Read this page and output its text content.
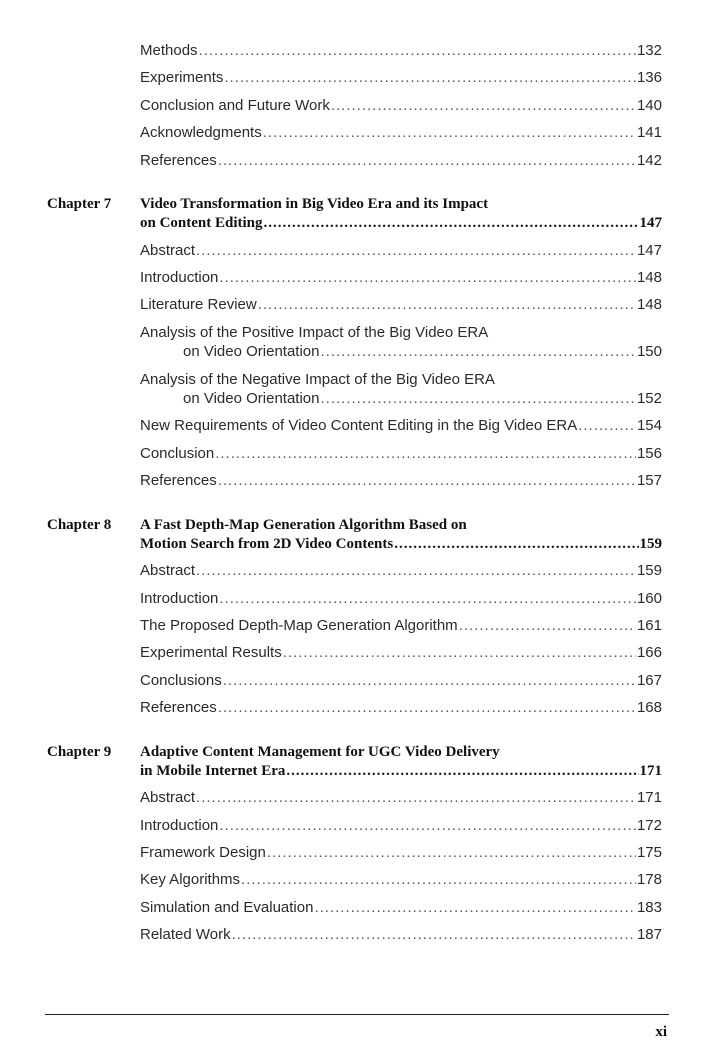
Methods .....	132
Experiments .....	136
Conclusion and Future Work .....	140
Acknowledgments .....	141
References .....	142
Chapter 7 Video Transformation in Big Video Era and its Impact
on Content Editing .....	147
Abstract .....	147
Introduction .....	148
Literature Review .....	148
Analysis of the Positive Impact of the Big Video ERA
on Video Orientation .....	150
Analysis of the Negative Impact of the Big Video ERA
on Video Orientation .....	152
New Requirements of Video Content Editing in the Big Video ERA .....	154
Conclusion .....	156
References .....	157
Chapter 8 A Fast Depth-Map Generation Algorithm Based on
Motion Search from 2D Video Contents .....	159
Abstract .....	159
Introduction .....	160
The Proposed Depth-Map Generation Algorithm .....	161
Experimental Results .....	166
Conclusions .....	167
References .....	168
Chapter 9 Adaptive Content Management for UGC Video Delivery
in Mobile Internet Era .....	171
Abstract .....	171
Introduction .....	172
Framework Design .....	175
Key Algorithms .....	178
Simulation and Evaluation .....	183
Related Work .....	187
xi
